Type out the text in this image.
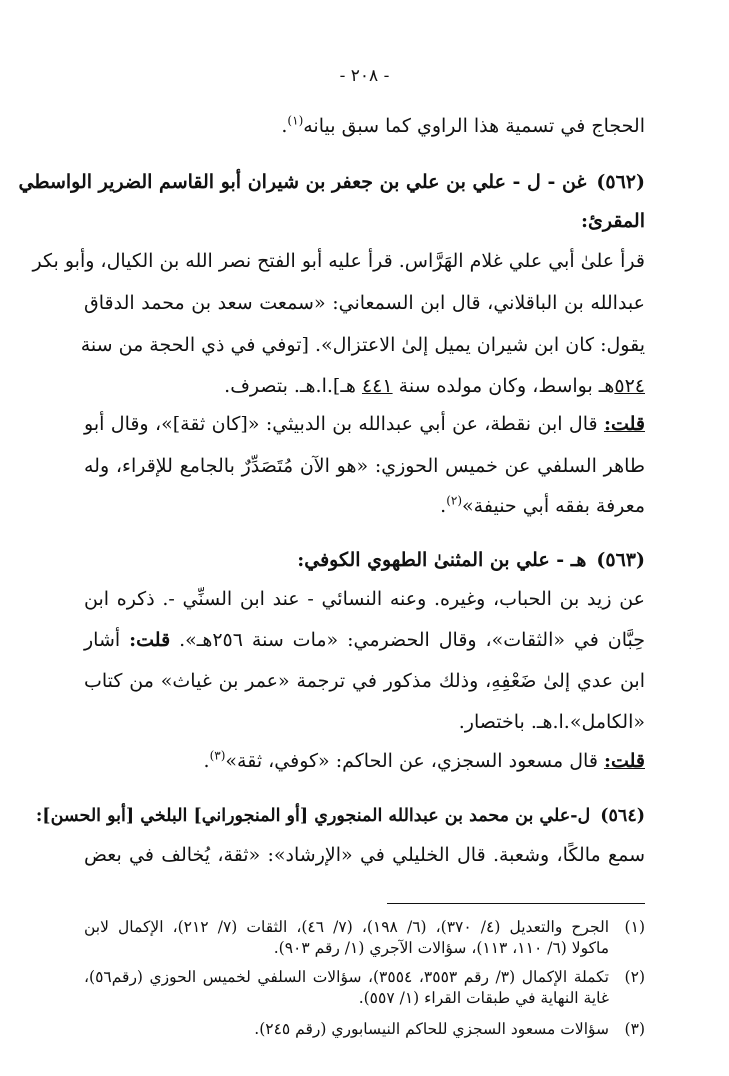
- ٢٠٨ -
الحجاج في تسمية هذا الراوي كما سبق بيانه$^{(١)}$.
(٥٦٢)غن - ل - علي بن علي بن جعفر بن شيران أبو القاسم الضرير الواسطي
المقرئ:
قرأ علىٰ أبي علي غلام الهَرَّاس. قرأ عليه أبو الفتح نصر الله بن الكيال، وأبو بكر
عبدالله بن الباقلاني، قال ابن السمعاني: «سمعت سعد بن محمد الدقاق
يقول: كان ابن شيران يميل إلىٰ الاعتزال». [توفي في ذي الحجة من سنة
٥٢٤هـ بواسط، وكان مولده سنة ٤٤١ هـ].ا.هـ. بتصرف.
قلت: قال ابن نقطة، عن أبي عبدالله بن الدبيثي: «[كان ثقة]»، وقال أبو
طاهر السلفي عن خميس الحوزي: «هو الآن مُتَصَدِّرٌ بالجامع للإقراء، وله
معرفة بفقه أبي حنيفة»$^{(٢)}$.
(٥٦٣)هـ - علي بن المثنىٰ الطهوي الكوفي:
عن زيد بن الحباب، وغيره. وعنه النسائي - عند ابن السنِّي -. ذكره ابن
حِبَّان في «الثقات»، وقال الحضرمي: «مات سنة ٢٥٦هـ». قلت: أشار
ابن عدي إلىٰ ضَعْفِهِ، وذلك مذكور في ترجمة «عمر بن غياث» من كتاب
«الكامل».ا.هـ. باختصار.
قلت: قال مسعود السجزي، عن الحاكم: «كوفي، ثقة»$^{(٣)}$.
(٥٦٤)ل-علي بن محمد بن عبدالله المنجوري [أو المنجوراني] البلخي [أبو الحسن]:
سمع مالكًا، وشعبة. قال الخليلي في «الإرشاد»: «ثقة، يُخالف في بعض
(١)
الجرح والتعديل (٤/ ٣٧٠)، (٦/ ١٩٨)، (٧/ ٤٦)، الثقات (٧/ ٢١٢)، الإكمال لابن
ماكولا (٦/ ١١٠، ١١٣)، سؤالات الآجري (١/ رقم ٩٠٣).
(٢)
تكملة الإكمال (٣/ رقم ٣٥٥٣، ٣٥٥٤)، سؤالات السلفي لخميس الحوزي (رقم٥٦)،
غاية النهاية في طبقات القراء (١/ ٥٥٧).
(٣)
سؤالات مسعود السجزي للحاكم النيسابوري (رقم ٢٤٥).
